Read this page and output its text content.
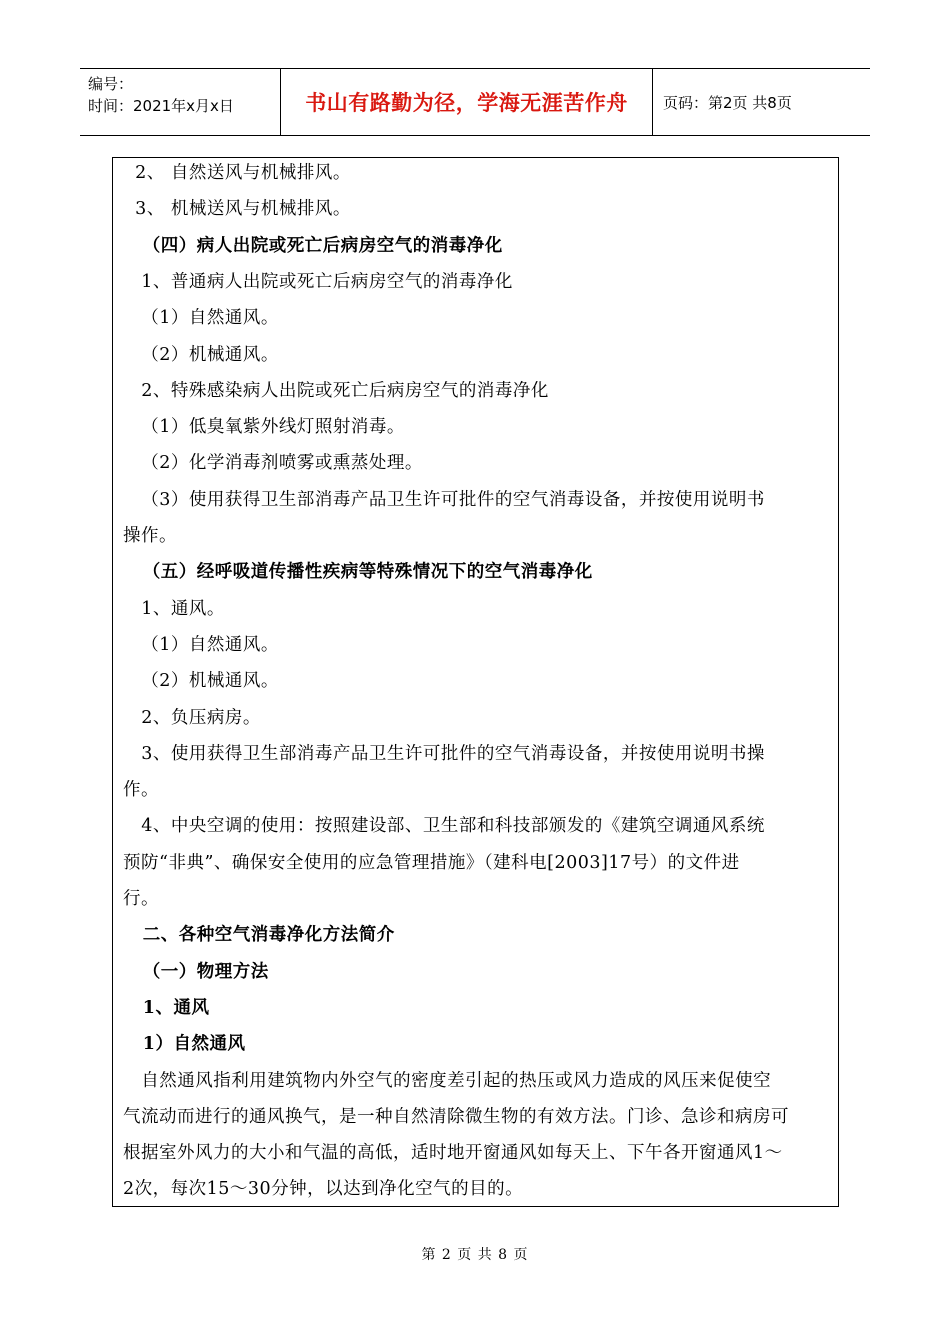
编号：
时间：2021年x月x日	书山有路勤为径，学海无涯苦作舟	页码：第2页 共8页
2、 自然送风与机械排风。
3、 机械送风与机械排风。
（四）病人出院或死亡后病房空气的消毒净化
1、普通病人出院或死亡后病房空气的消毒净化
（1）自然通风。
（2）机械通风。
2、特殊感染病人出院或死亡后病房空气的消毒净化
（1）低臭氧紫外线灯照射消毒。
（2）化学消毒剂喷雾或熏蒸处理。
（3）使用获得卫生部消毒产品卫生许可批件的空气消毒设备，并按使用说明书
操作。
（五）经呼吸道传播性疾病等特殊情况下的空气消毒净化
1、通风。
（1）自然通风。
（2）机械通风。
2、负压病房。
3、使用获得卫生部消毒产品卫生许可批件的空气消毒设备，并按使用说明书操
作。
4、中央空调的使用：按照建设部、卫生部和科技部颁发的《建筑空调通风系统
预防“非典”、确保安全使用的应急管理措施》（建科电[2003]17号）的文件进
行。
二、各种空气消毒净化方法简介
（一）物理方法
1、通风
1）自然通风
自然通风指利用建筑物内外空气的密度差引起的热压或风力造成的风压来促使空
气流动而进行的通风换气，是一种自然清除微生物的有效方法。门诊、急诊和病房可
根据室外风力的大小和气温的高低，适时地开窗通风如每天上、下午各开窗通风1～
2次，每次15～30分钟，以达到净化空气的目的。
第 2 页 共 8 页
